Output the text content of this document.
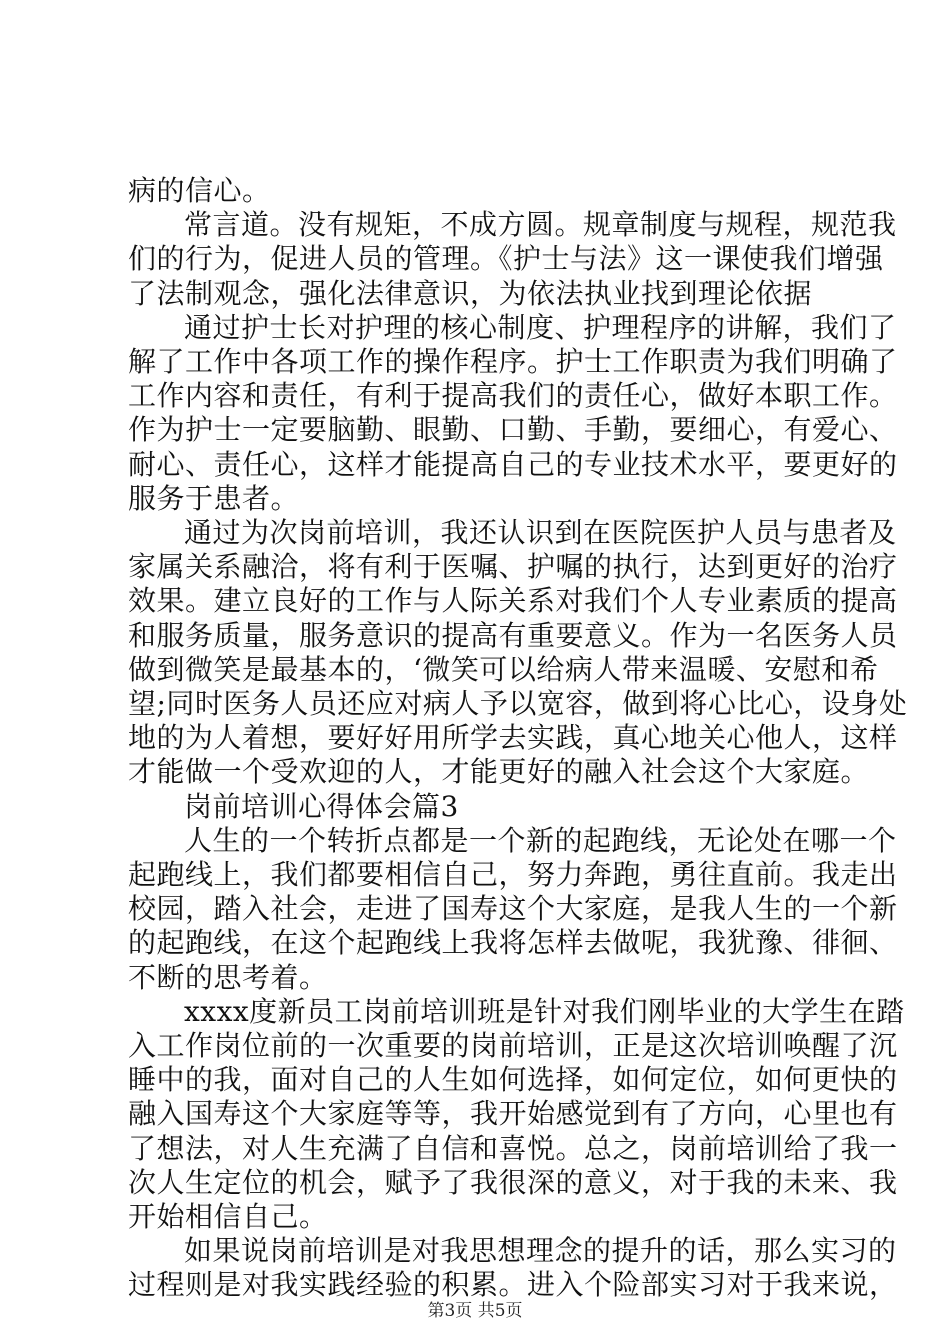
病的信心。
常言道。没有规矩，不成方圆。规章制度与规程，规范我
们的行为，促进人员的管理。《护士与法》这一课使我们增强
了法制观念，强化法律意识，为依法执业找到理论依据
通过护士长对护理的核心制度、护理程序的讲解，我们了
解了工作中各项工作的操作程序。护士工作职责为我们明确了
工作内容和责任，有利于提高我们的责任心，做好本职工作。
作为护士一定要脑勤、眼勤、口勤、手勤，要细心，有爱心、
耐心、责任心，这样才能提高自己的专业技术水平，要更好的
服务于患者。
通过为次岗前培训，我还认识到在医院医护人员与患者及
家属关系融洽，将有利于医嘱、护嘱的执行，达到更好的治疗
效果。建立良好的工作与人际关系对我们个人专业素质的提高
和服务质量，服务意识的提高有重要意义。作为一名医务人员
做到微笑是最基本的，‘微笑可以给病人带来温暖、安慰和希
望;同时医务人员还应对病人予以宽容，做到将心比心，设身处
地的为人着想，要好好用所学去实践，真心地关心他人，这样
才能做一个受欢迎的人，才能更好的融入社会这个大家庭。
岗前培训心得体会篇3
人生的一个转折点都是一个新的起跑线，无论处在哪一个
起跑线上，我们都要相信自己，努力奔跑，勇往直前。我走出
校园，踏入社会，走进了国寿这个大家庭，是我人生的一个新
的起跑线，在这个起跑线上我将怎样去做呢，我犹豫、徘徊、
不断的思考着。
xxxx度新员工岗前培训班是针对我们刚毕业的大学生在踏
入工作岗位前的一次重要的岗前培训，正是这次培训唤醒了沉
睡中的我，面对自己的人生如何选择，如何定位，如何更快的
融入国寿这个大家庭等等，我开始感觉到有了方向，心里也有
了想法，对人生充满了自信和喜悦。总之，岗前培训给了我一
次人生定位的机会，赋予了我很深的意义，对于我的未来、我
开始相信自己。
如果说岗前培训是对我思想理念的提升的话，那么实习的
过程则是对我实践经验的积累。进入个险部实习对于我来说，
第3页 共5页
